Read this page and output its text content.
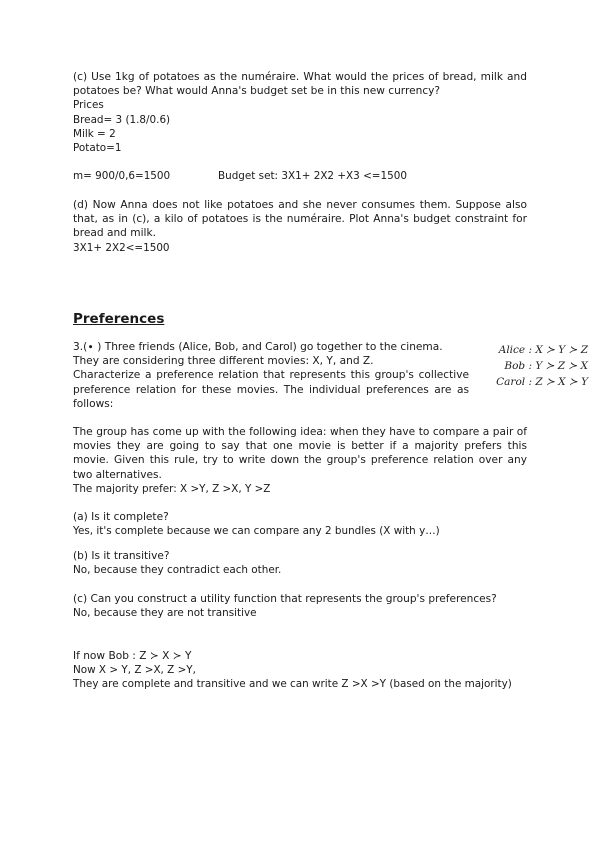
(c) Use 1kg of potatoes as the numéraire. What would the prices of bread, milk and potatoes be? What would Anna's budget set be in this new currency?

Prices

Bread= 3 (1.8/0.6)

Milk = 2

Potato=1

m= 900/0,6=1500	Budget set: 3X1+ 2X2 +X3 <=1500

(d) Now Anna does not like potatoes and she never consumes them. Suppose also that, as in (c), a kilo of potatoes is the numéraire. Plot Anna's budget constraint for bread and milk.

3X1+ 2X2<=1500

Preferences

3.(∙ ) Three friends (Alice, Bob, and Carol) go together to the cinema.

They are considering three different movies: X, Y, and Z.

Characterize a preference relation that represents this group's collective preference relation for these movies. The individual preferences are as follows:

Alice : X ≻ Y ≻ Z
Bob : Y ≻ Z ≻ X
Carol : Z ≻ X ≻ Y

The group has come up with the following idea: when they have to compare a pair of movies they are going to say that one movie is better if a majority prefers this movie. Given this rule, try to write down the group's preference relation over any two alternatives.

The majority prefer: X >Y, Z >X, Y >Z

(a) Is it complete?

Yes, it's complete because we can compare any 2 bundles (X with y…)

(b) Is it transitive?

No, because they contradict each other.

(c) Can you construct a utility function that represents the group's preferences?

No, because they are not transitive

If now Bob : Z ≻ X ≻ Y

Now X > Y, Z >X, Z >Y,

They are complete and transitive and we can write Z >X >Y (based on the majority)
